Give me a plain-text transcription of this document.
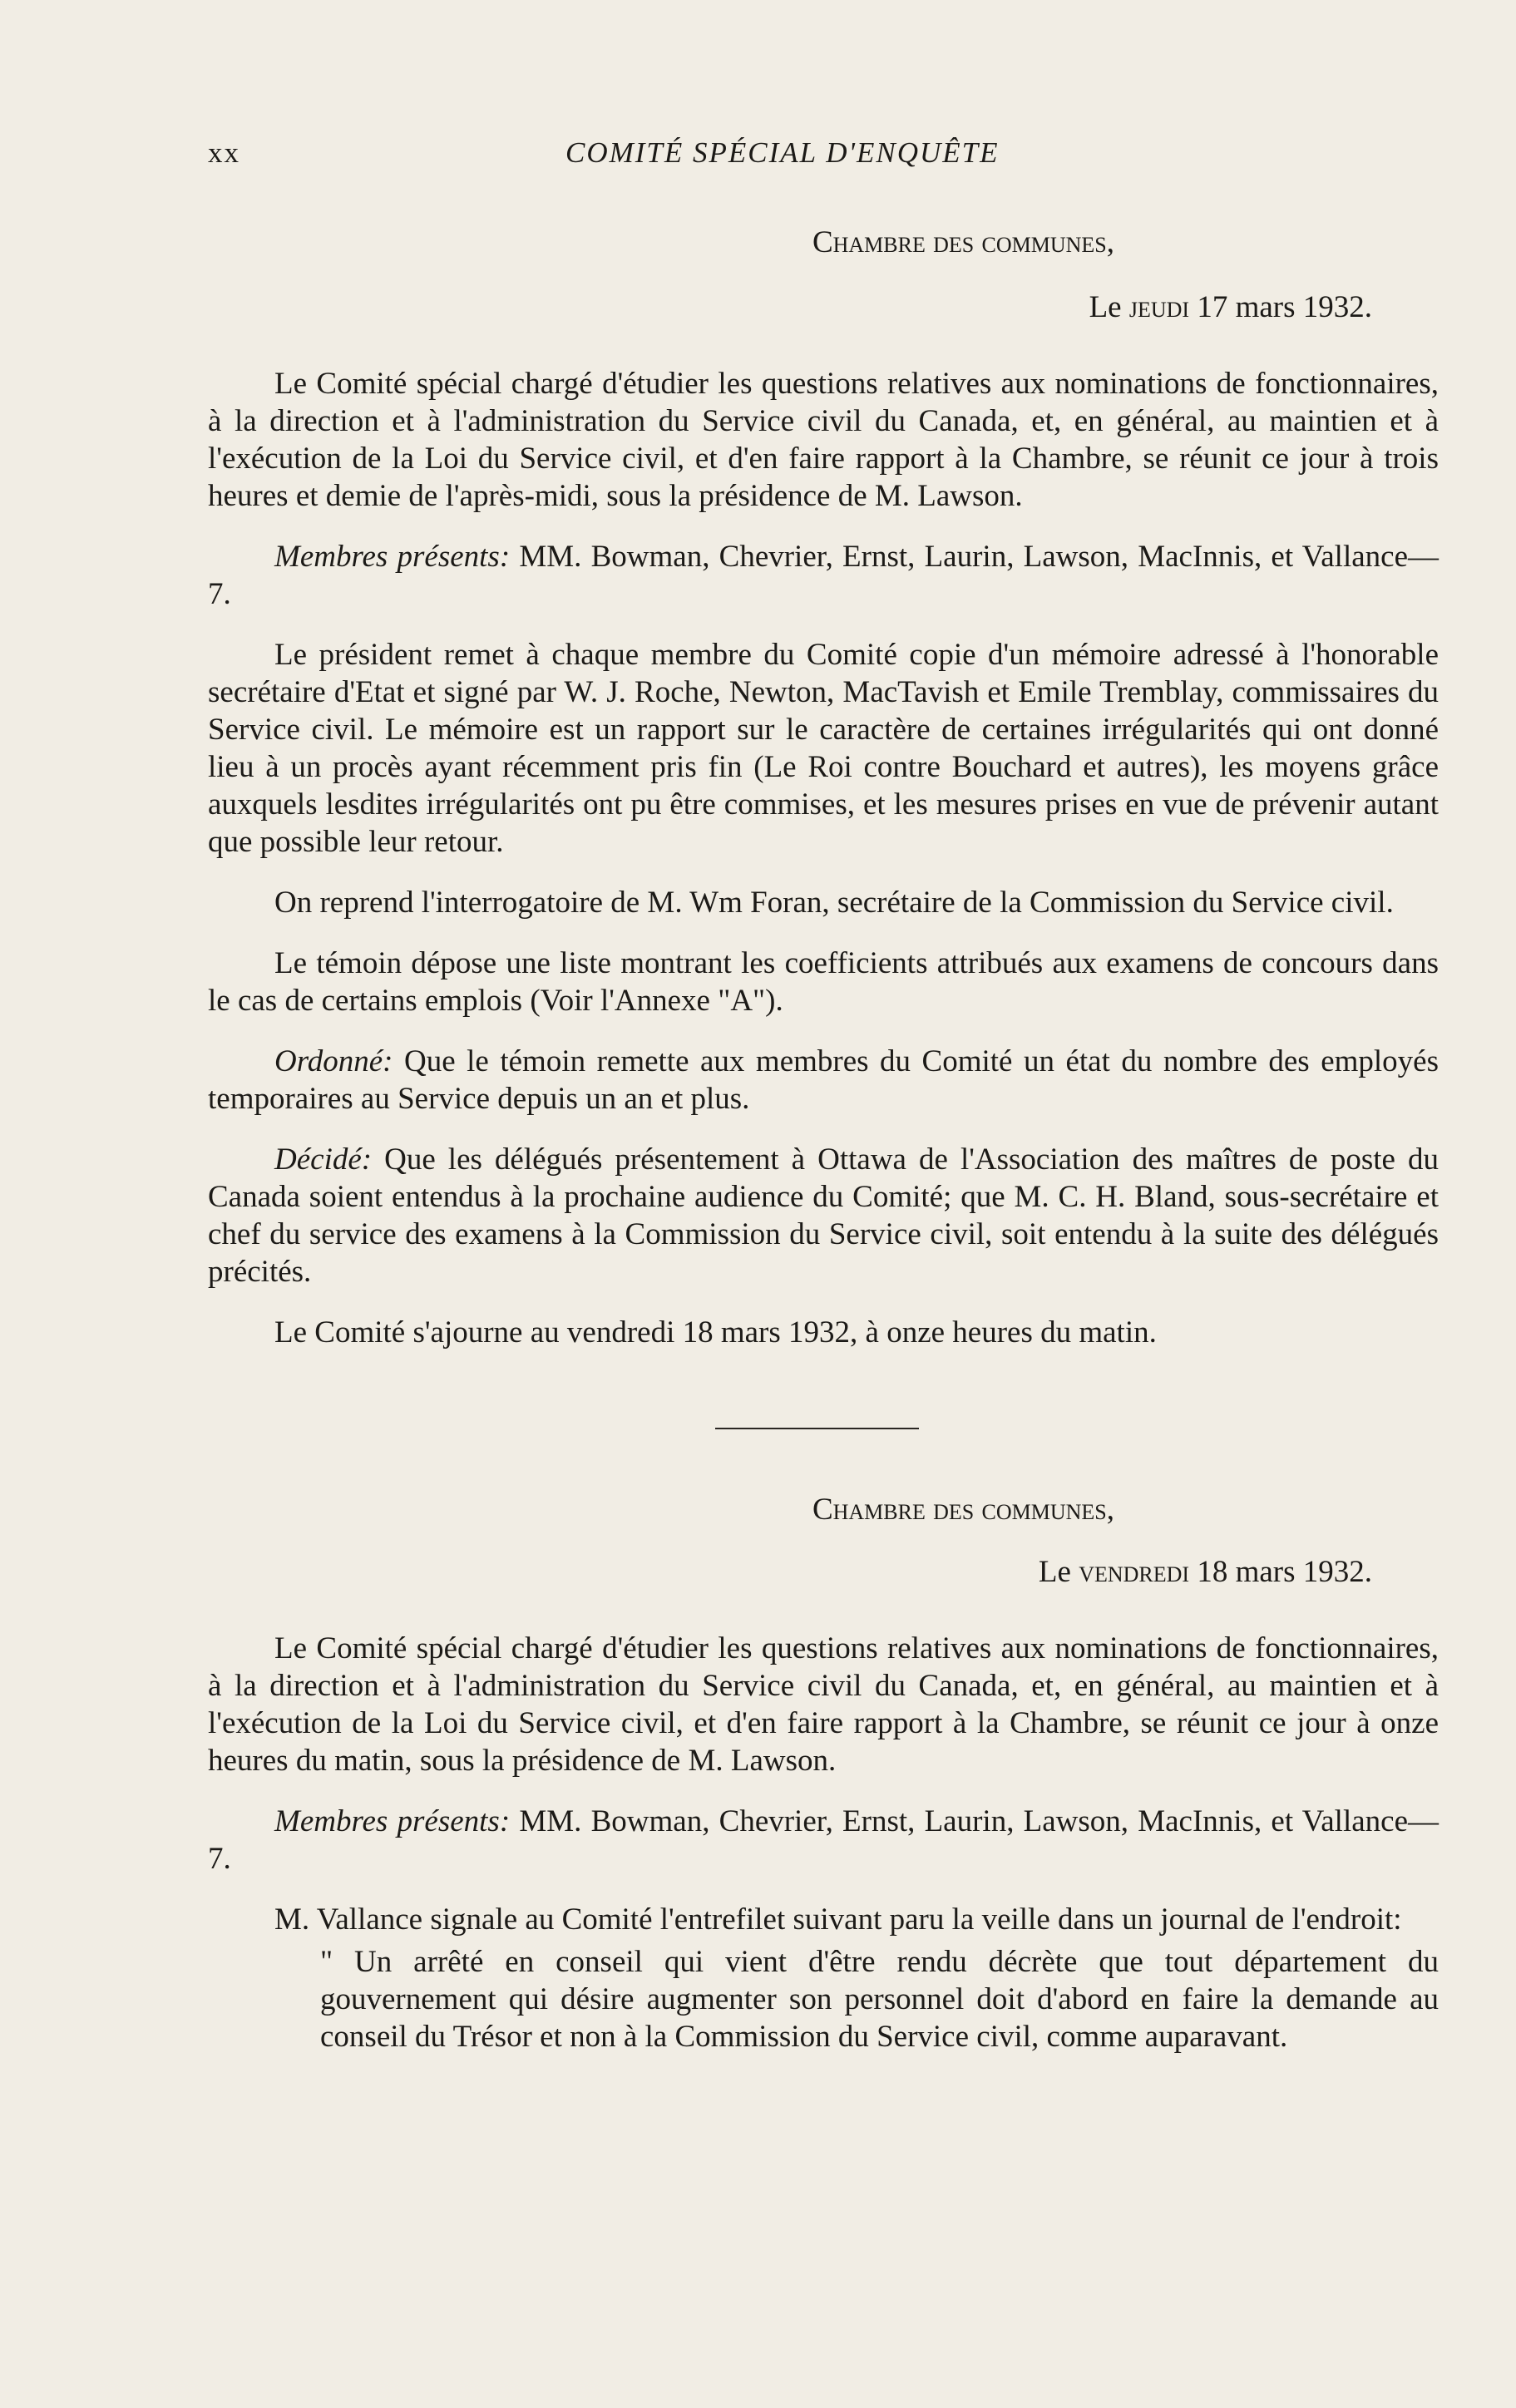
xx	COMITÉ SPÉCIAL D'ENQUÊTE
Chambre des communes,
Le jeudi 17 mars 1932.

Le Comité spécial chargé d'étudier les questions relatives aux nominations de fonctionnaires, à la direction et à l'administration du Service civil du Canada, et, en général, au maintien et à l'exécution de la Loi du Service civil, et d'en faire rapport à la Chambre, se réunit ce jour à trois heures et demie de l'après-midi, sous la présidence de M. Lawson.

Membres présents: MM. Bowman, Chevrier, Ernst, Laurin, Lawson, MacInnis, et Vallance—7.

Le président remet à chaque membre du Comité copie d'un mémoire adressé à l'honorable secrétaire d'Etat et signé par W. J. Roche, Newton, MacTavish et Emile Tremblay, commissaires du Service civil. Le mémoire est un rapport sur le caractère de certaines irrégularités qui ont donné lieu à un procès ayant récemment pris fin (Le Roi contre Bouchard et autres), les moyens grâce auxquels lesdites irrégularités ont pu être commises, et les mesures prises en vue de prévenir autant que possible leur retour.

On reprend l'interrogatoire de M. Wm Foran, secrétaire de la Commission du Service civil.

Le témoin dépose une liste montrant les coefficients attribués aux examens de concours dans le cas de certains emplois (Voir l'Annexe "A").

Ordonné: Que le témoin remette aux membres du Comité un état du nombre des employés temporaires au Service depuis un an et plus.

Décidé: Que les délégués présentement à Ottawa de l'Association des maîtres de poste du Canada soient entendus à la prochaine audience du Comité; que M. C. H. Bland, sous-secrétaire et chef du service des examens à la Commission du Service civil, soit entendu à la suite des délégués précités.

Le Comité s'ajourne au vendredi 18 mars 1932, à onze heures du matin.

Chambre des communes,
Le vendredi 18 mars 1932.

Le Comité spécial chargé d'étudier les questions relatives aux nominations de fonctionnaires, à la direction et à l'administration du Service civil du Canada, et, en général, au maintien et à l'exécution de la Loi du Service civil, et d'en faire rapport à la Chambre, se réunit ce jour à onze heures du matin, sous la présidence de M. Lawson.

Membres présents: MM. Bowman, Chevrier, Ernst, Laurin, Lawson, MacInnis, et Vallance—7.

M. Vallance signale au Comité l'entrefilet suivant paru la veille dans un journal de l'endroit:

" Un arrêté en conseil qui vient d'être rendu décrète que tout département du gouvernement qui désire augmenter son personnel doit d'abord en faire la demande au conseil du Trésor et non à la Commission du Service civil, comme auparavant.
